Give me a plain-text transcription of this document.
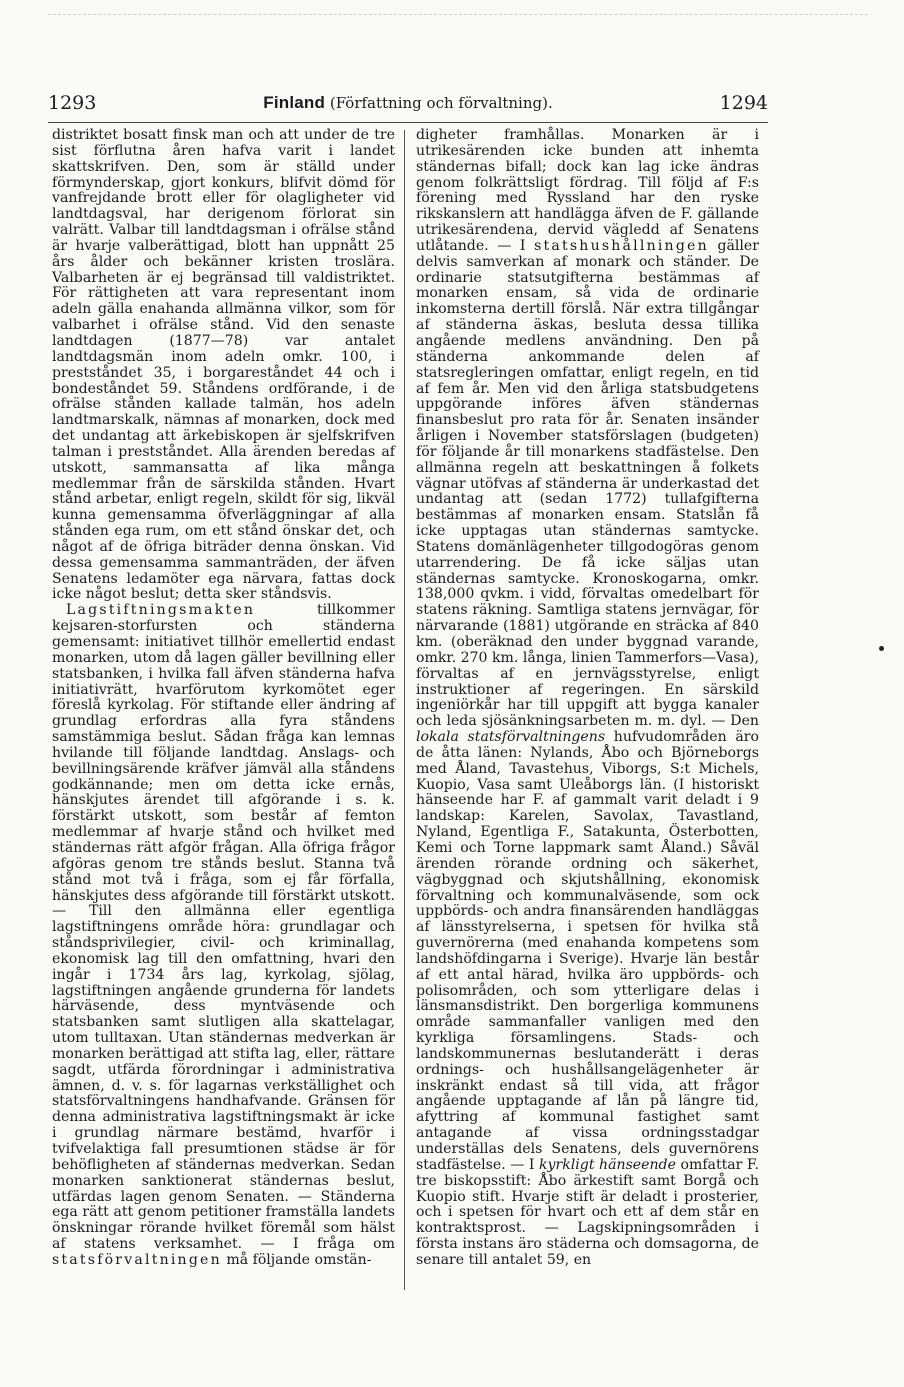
1293	Finland (Författning och förvaltning).	1294

distriktet bosatt finsk man och att under de tre sist förflutna åren hafva varit i landet skattskrifven. Den, som är ställd under förmynderskap, gjort konkurs, blifvit dömd för vanfrejdande brott eller för olagligheter vid landtdagsval, har derigenom förlorat sin valrätt. Valbar till landtdagsman i ofrälse stånd är hvarje valberättigad, blott han uppnått 25 års ålder och bekänner kristen troslära. Valbarheten är ej begränsad till valdistriktet. För rättigheten att vara representant inom adeln gälla enahanda allmänna vilkor, som för valbarhet i ofrälse stånd. Vid den senaste landtdagen (1877—78) var antalet landtdagsmän inom adeln omkr. 100, i prestståndet 35, i borgareståndet 44 och i bondeståndet 59. Ståndens ordförande, i de ofrälse stånden kallade talmän, hos adeln landtmarskalk, nämnas af monarken, dock med det undantag att ärkebiskopen är sjelfskrifven talman i prestståndet. Alla ärenden beredas af utskott, sammansatta af lika många medlemmar från de särskilda stånden. Hvart stånd arbetar, enligt regeln, skildt för sig, likväl kunna gemensamma öfverläggningar af alla stånden ega rum, om ett stånd önskar det, och något af de öfriga biträder denna önskan. Vid dessa gemensamma sammanträden, der äfven Senatens ledamöter ega närvara, fattas dock icke något beslut; detta sker ståndsvis.

Lagstiftningsmakten tillkommer kejsaren-storfursten och ständerna gemensamt: initiativet tillhör emellertid endast monarken, utom då lagen gäller bevillning eller statsbanken, i hvilka fall äfven ständerna hafva initiativrätt, hvarförutom kyrkomötet eger föreslå kyrkolag. För stiftande eller ändring af grundlag erfordras alla fyra ståndens samstämmiga beslut. Sådan fråga kan lemnas hvilande till följande landtdag. Anslags- och bevillningsärende kräfver jämväl alla ståndens godkännande; men om detta icke ernås, hänskjutes ärendet till afgörande i s. k. förstärkt utskott, som består af femton medlemmar af hvarje stånd och hvilket med ständernas rätt afgör frågan. Alla öfriga frågor afgöras genom tre stånds beslut. Stanna två stånd mot två i fråga, som ej får förfalla, hänskjutes dess afgörande till förstärkt utskott. — Till den allmänna eller egentliga lagstiftningens område höra: grundlagar och ståndsprivilegier, civil- och kriminallag, ekonomisk lag till den omfattning, hvari den ingår i 1734 års lag, kyrkolag, sjölag, lagstiftningen angående grunderna för landets härväsende, dess myntväsende och statsbanken samt slutligen alla skattelagar, utom tulltaxan. Utan ständernas medverkan är monarken berättigad att stifta lag, eller, rättare sagdt, utfärda förordningar i administrativa ämnen, d. v. s. för lagarnas verkställighet och statsförvaltningens handhafvande. Gränsen för denna administrativa lagstiftningsmakt är icke i grundlag närmare bestämd, hvarför i tvifvelaktiga fall presumtionen städse är för behöfligheten af ständernas medverkan. Sedan monarken sanktionerat ständernas beslut, utfärdas lagen genom Senaten. — Ständerna ega rätt att genom petitioner framställa landets önskningar rörande hvilket föremål som hälst af statens verksamhet. — I fråga om statsförvaltningen må följande omstän-

digheter framhållas. Monarken är i utrikesärenden icke bunden att inhemta ständernas bifall; dock kan lag icke ändras genom folkrättsligt fördrag. Till följd af F:s förening med Ryssland har den ryske rikskanslern att handlägga äfven de F. gällande utrikesärendena, dervid vägledd af Senatens utlåtande. — I statshushållningen gäller delvis samverkan af monark och ständer. De ordinarie statsutgifterna bestämmas af monarken ensam, så vida de ordinarie inkomsterna dertill förslå. När extra tillgångar af ständerna äskas, besluta dessa tillika angående medlens användning. Den på ständerna ankommande delen af statsregleringen omfattar, enligt regeln, en tid af fem år. Men vid den årliga statsbudgetens uppgörande införes äfven ständernas finansbeslut pro rata för år. Senaten insänder årligen i November statsförslagen (budgeten) för följande år till monarkens stadfästelse. Den allmänna regeln att beskattningen å folkets vägnar utöfvas af ständerna är underkastad det undantag att (sedan 1772) tullafgifterna bestämmas af monarken ensam. Statslån få icke upptagas utan ständernas samtycke. Statens domänlägenheter tillgodogöras genom utarrendering. De få icke säljas utan ständernas samtycke. Kronoskogarna, omkr. 138,000 qvkm. i vidd, förvaltas omedelbart för statens räkning. Samtliga statens jernvägar, för närvarande (1881) utgörande en sträcka af 840 km. (oberäknad den under byggnad varande, omkr. 270 km. långa, linien Tammerfors—Vasa), förvaltas af en jernvägsstyrelse, enligt instruktioner af regeringen. En särskild ingeniörkår har till uppgift att bygga kanaler och leda sjösänkningsarbeten m. m. dyl. — Den lokala statsförvaltningens hufvudområden äro de åtta länen: Nylands, Åbo och Björneborgs med Åland, Tavastehus, Viborgs, S:t Michels, Kuopio, Vasa samt Uleåborgs län. (I historiskt hänseende har F. af gammalt varit deladt i 9 landskap: Karelen, Savolax, Tavastland, Nyland, Egentliga F., Satakunta, Österbotten, Kemi och Torne lappmark samt Åland.) Såväl ärenden rörande ordning och säkerhet, vägbyggnad och skjutshållning, ekonomisk förvaltning och kommunalväsende, som ock uppbörds- och andra finansärenden handläggas af länsstyrelserna, i spetsen för hvilka stå guvernörerna (med enahanda kompetens som landshöfdingarna i Sverige). Hvarje län består af ett antal härad, hvilka äro uppbörds- och polisområden, och som ytterligare delas i länsmansdistrikt. Den borgerliga kommunens område sammanfaller vanligen med den kyrkliga församlingens. Stads- och landskommunernas beslutanderätt i deras ordnings- och hushållsangelägenheter är inskränkt endast så till vida, att frågor angående upptagande af lån på längre tid, afyttring af kommunal fastighet samt antagande af vissa ordningsstadgar underställas dels Senatens, dels guvernörens stadfästelse. — I kyrkligt hänseende omfattar F. tre biskopsstift: Åbo ärkestift samt Borgå och Kuopio stift. Hvarje stift är deladt i prosterier, och i spetsen för hvart och ett af dem står en kontraktsprost. — Lagskipningsområden i första instans äro städerna och domsagorna, de senare till antalet 59, en
